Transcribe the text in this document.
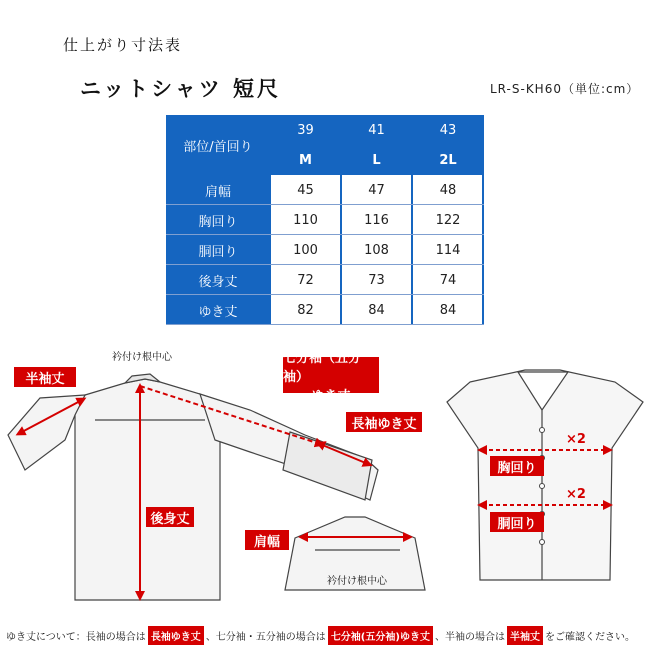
仕上がり寸法表
ニットシャツ 短尺	LR-S-KH60（単位:cm）
部位/首回り
39	41	43
M	L	2L
肩幅	45	47	48
胸回り	110	116	122
胴回り	100	108	114
後身丈	72	73	74
ゆき丈	82	84	84
衿付け根中心
半袖丈
七分袖（五分袖）
ゆき丈
長袖ゆき丈
後身丈
肩幅
衿付け根中心
胸回り
胴回り
×2
×2
ゆき丈について：長袖の場合は 長袖ゆき丈 、七分袖・五分袖の場合は 七分袖(五分袖)ゆき丈 、半袖の場合は 半袖丈 をご確認ください。
